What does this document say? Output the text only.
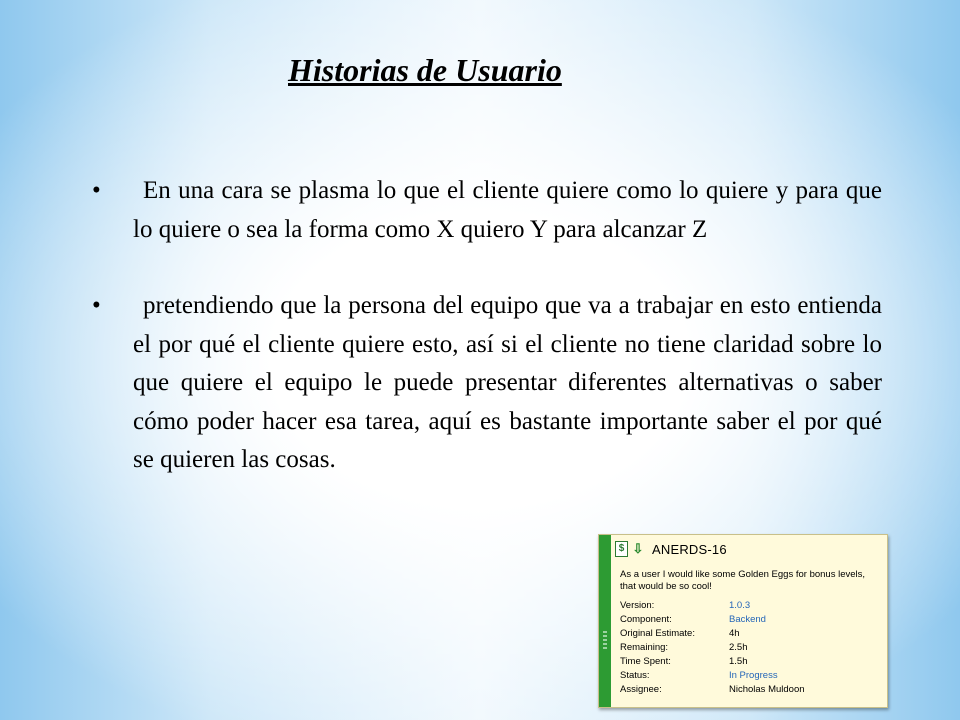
Historias de Usuario
•	En una cara se plasma lo que el cliente quiere como lo quiere y para que lo quiere o sea la forma como X quiero Y para alcanzar Z
•	pretendiendo que la persona del equipo que va a trabajar en esto entienda el por qué el cliente quiere esto, así si el cliente no tiene claridad sobre lo que quiere el equipo le puede presentar diferentes alternativas o saber cómo poder hacer esa tarea, aquí es bastante importante saber el por qué se quieren las cosas.
$ ⇩ ANERDS-16
As a user I would like some Golden Eggs for bonus levels, that would be so cool!
Version:	1.0.3
Component:	Backend
Original Estimate:	4h
Remaining:	2.5h
Time Spent:	1.5h
Status:	In Progress
Assignee:	Nicholas Muldoon
